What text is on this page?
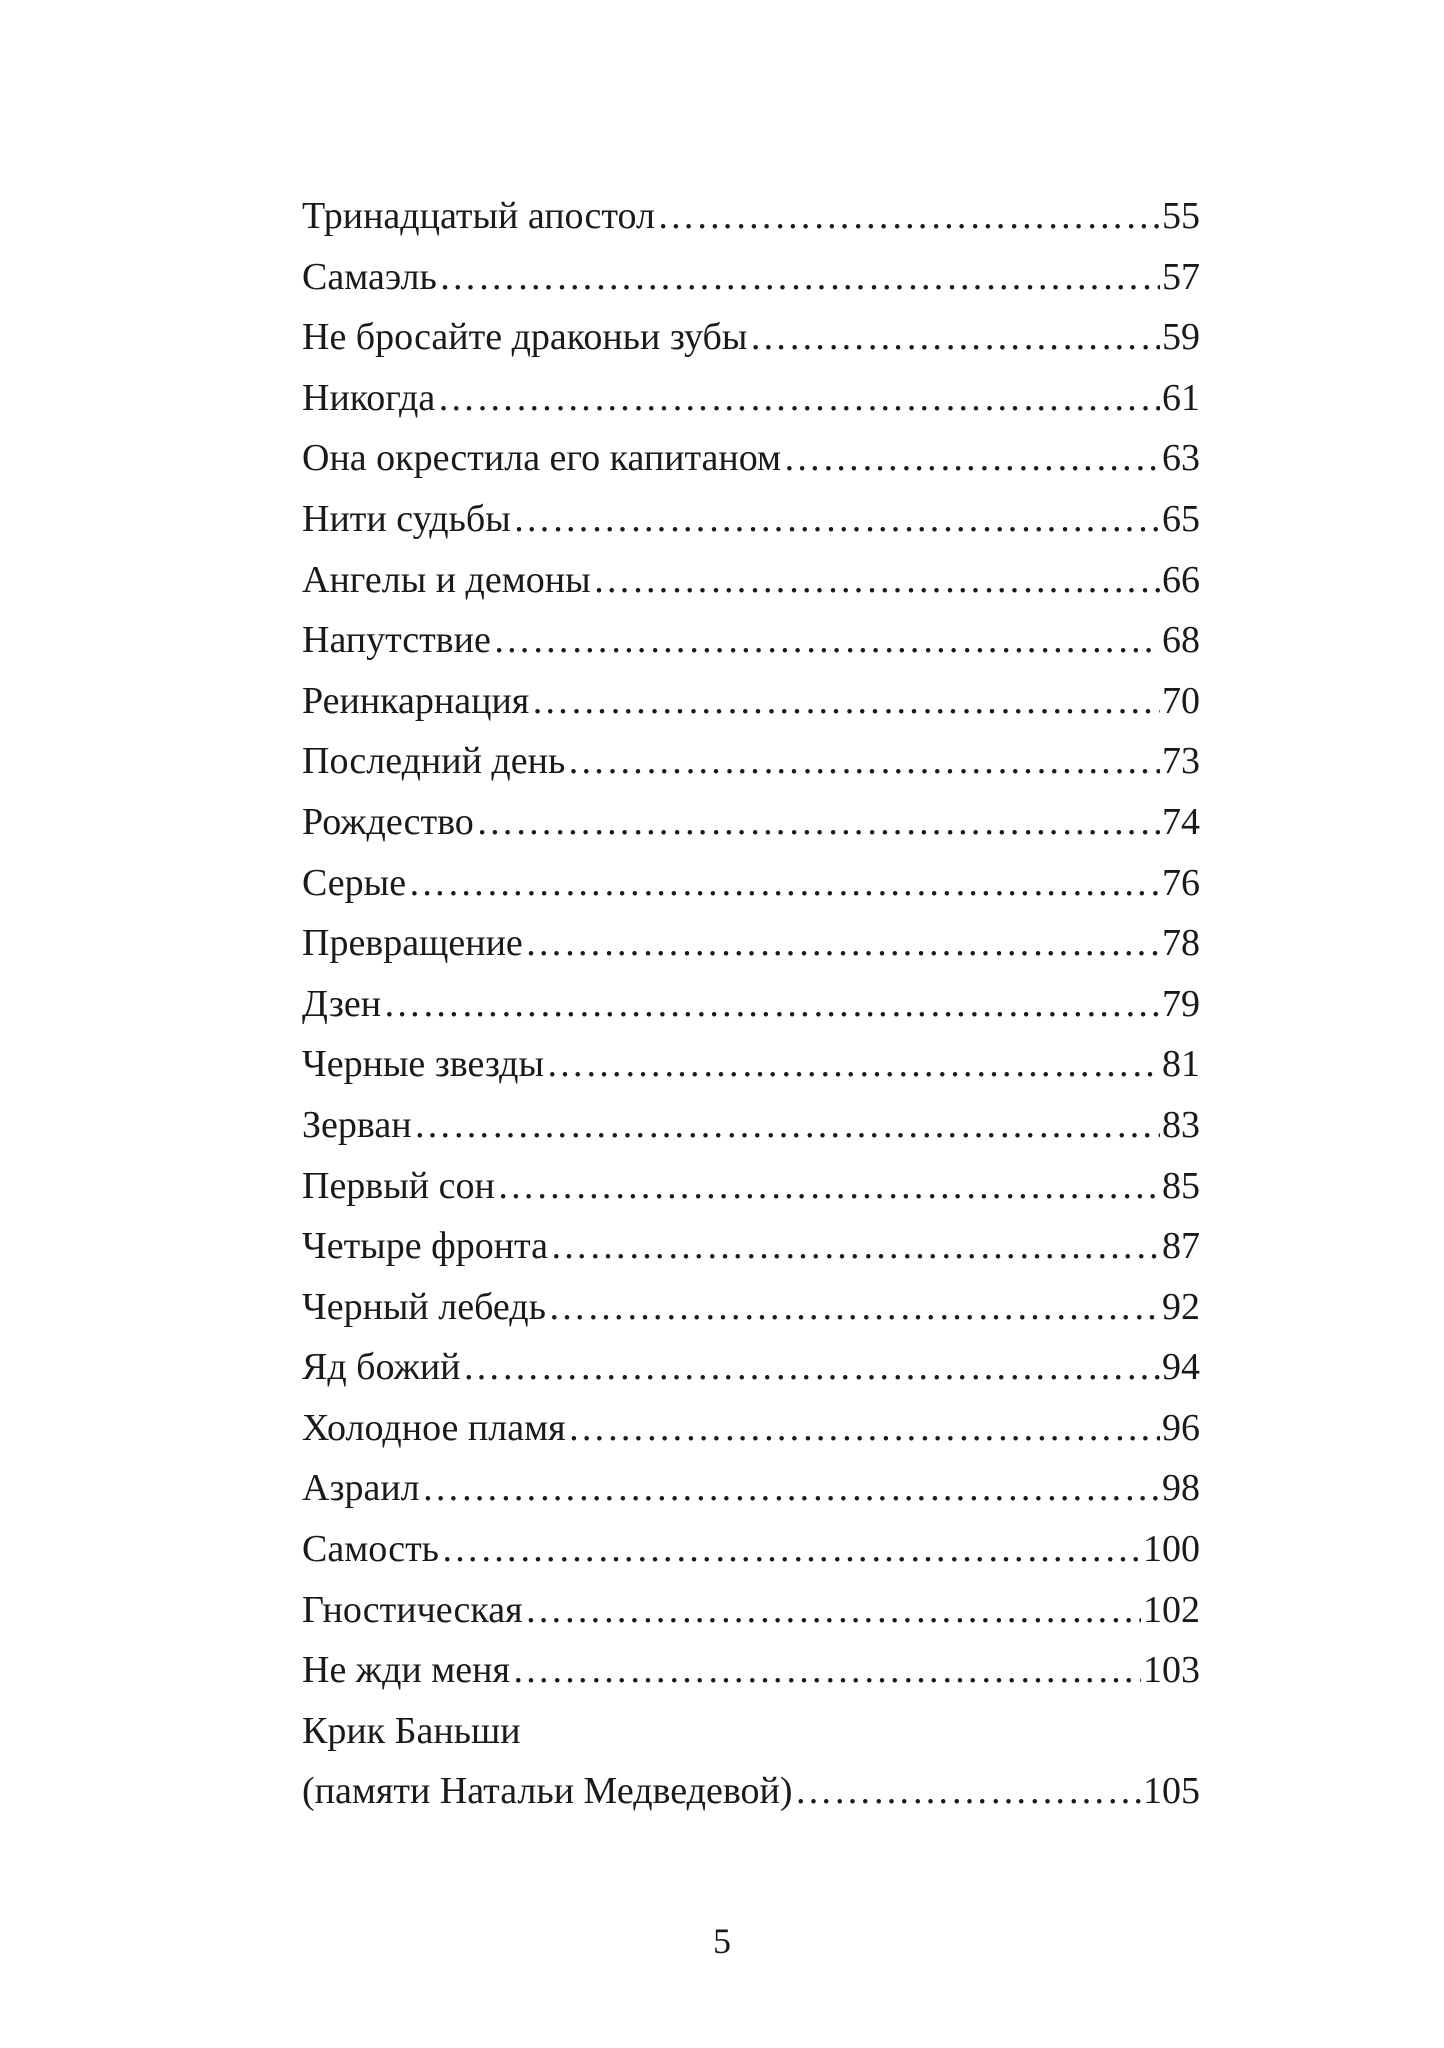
Тринадцатый апостол ………………………………………………………………………………………………………………………………………………………………………………………………………………………	55
Самаэль ………………………………………………………………………………………………………………………………………………………………………………………………………………………	57
Не бросайте драконьи зубы ………………………………………………………………………………………………………………………………………………………………………………………………………………………	59
Никогда ………………………………………………………………………………………………………………………………………………………………………………………………………………………	61
Она окрестила его капитаном ………………………………………………………………………………………………………………………………………………………………………………………………………………………	63
Нити судьбы ………………………………………………………………………………………………………………………………………………………………………………………………………………………	65
Ангелы и демоны ………………………………………………………………………………………………………………………………………………………………………………………………………………………	66
Напутствие ………………………………………………………………………………………………………………………………………………………………………………………………………………………	68
Реинкарнация ………………………………………………………………………………………………………………………………………………………………………………………………………………………	70
Последний день ………………………………………………………………………………………………………………………………………………………………………………………………………………………	73
Рождество ………………………………………………………………………………………………………………………………………………………………………………………………………………………	74
Серые ………………………………………………………………………………………………………………………………………………………………………………………………………………………	76
Превращение ………………………………………………………………………………………………………………………………………………………………………………………………………………………	78
Дзен ………………………………………………………………………………………………………………………………………………………………………………………………………………………	79
Черные звезды ………………………………………………………………………………………………………………………………………………………………………………………………………………………	81
Зерван ………………………………………………………………………………………………………………………………………………………………………………………………………………………	83
Первый сон ………………………………………………………………………………………………………………………………………………………………………………………………………………………	85
Четыре фронта ………………………………………………………………………………………………………………………………………………………………………………………………………………………	87
Черный лебедь ………………………………………………………………………………………………………………………………………………………………………………………………………………………	92
Яд божий ………………………………………………………………………………………………………………………………………………………………………………………………………………………	94
Холодное пламя ………………………………………………………………………………………………………………………………………………………………………………………………………………………	96
Азраил ………………………………………………………………………………………………………………………………………………………………………………………………………………………	98
Самость ………………………………………………………………………………………………………………………………………………………………………………………………………………………	100
Гностическая ………………………………………………………………………………………………………………………………………………………………………………………………………………………	102
Не жди меня ………………………………………………………………………………………………………………………………………………………………………………………………………………………	103
Крик Баньши
(памяти Натальи Медведевой) ………………………………………………………………………………………………………………………………………………………………………………………………………………………	105
5
